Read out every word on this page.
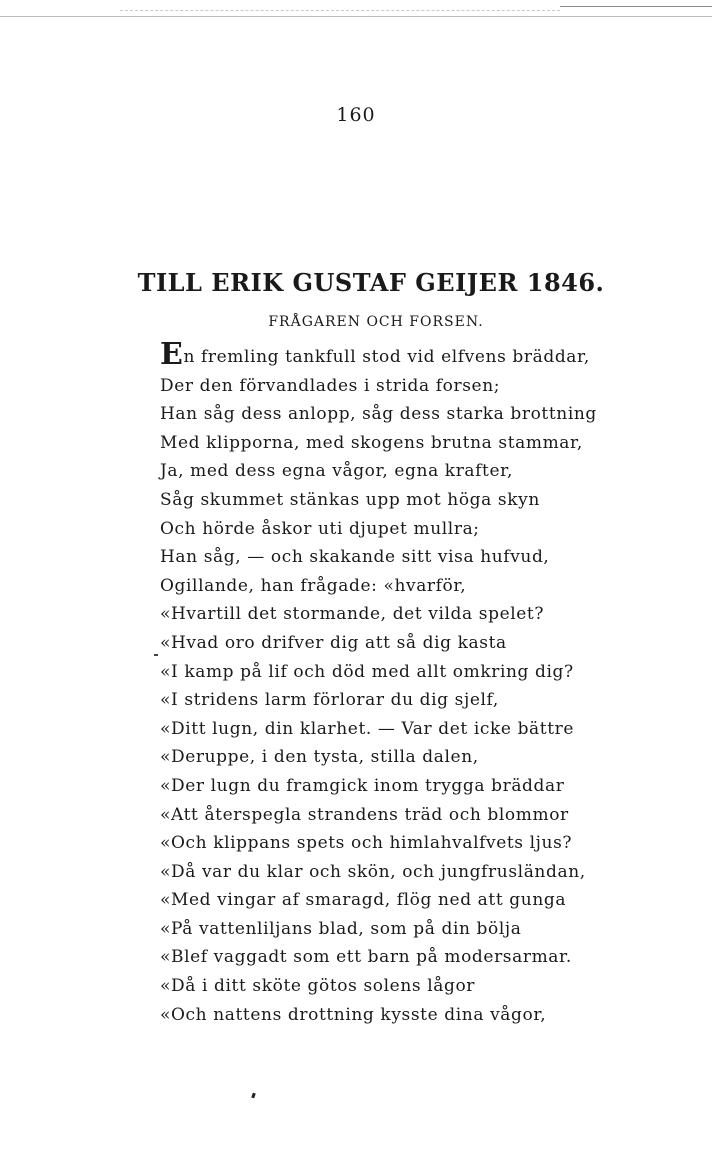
160
TILL ERIK GUSTAF GEIJER 1846.
FRÅGAREN OCH FORSEN.
En fremling tankfull stod vid elfvens bräddar,
Der den förvandlades i strida forsen;
Han såg dess anlopp, såg dess starka brottning
Med klipporna, med skogens brutna stammar,
Ja, med dess egna vågor, egna krafter,
Såg skummet stänkas upp mot höga skyn
Och hörde åskor uti djupet mullra;
Han såg, — och skakande sitt visa hufvud,
Ogillande, han frågade: «hvarför,
«Hvartill det stormande, det vilda spelet?
«Hvad oro drifver dig att så dig kasta
«I kamp på lif och död med allt omkring dig?
«I stridens larm förlorar du dig sjelf,
«Ditt lugn, din klarhet. — Var det icke bättre
«Deruppe, i den tysta, stilla dalen,
«Der lugn du framgick inom trygga bräddar
«Att återspegla strandens träd och blommor
«Och klippans spets och himlahvalfvets ljus?
«Då var du klar och skön, och jungfrusländan,
«Med vingar af smaragd, flög ned att gunga
«På vattenliljans blad, som på din bölja
«Blef vaggadt som ett barn på modersarmar.
«Då i ditt sköte götos solens lågor
«Och nattens drottning kysste dina vågor,
